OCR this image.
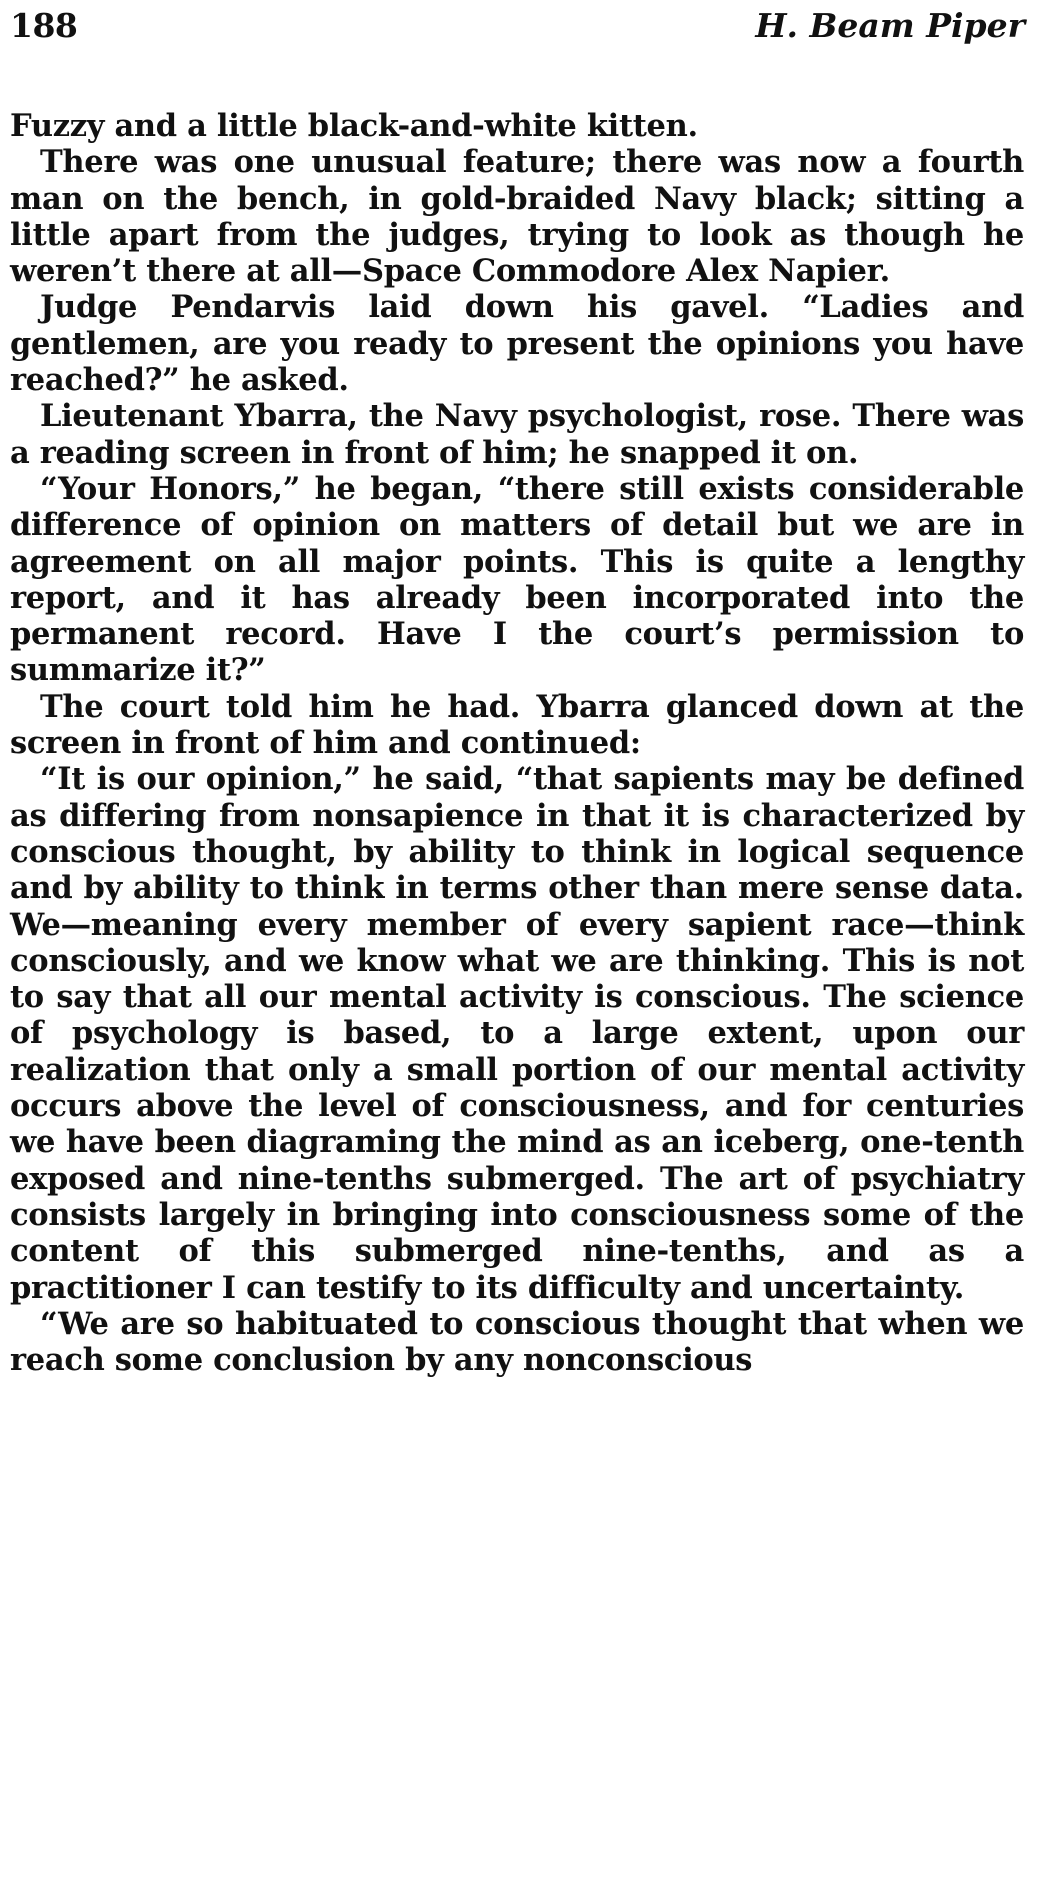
188	H. Beam Piper

Fuzzy and a little black-and-white kitten.

There was one unusual feature; there was now a fourth man on the bench, in gold-braided Navy black; sitting a little apart from the judges, trying to look as though he weren’t there at all—Space Commodore Alex Napier.

Judge Pendarvis laid down his gavel. “Ladies and gentlemen, are you ready to present the opinions you have reached?” he asked.

Lieutenant Ybarra, the Navy psychologist, rose. There was a reading screen in front of him; he snapped it on.

“Your Honors,” he began, “there still exists considerable difference of opinion on matters of detail but we are in agreement on all major points. This is quite a lengthy report, and it has already been incorporated into the permanent record. Have I the court’s permission to summarize it?”

The court told him he had. Ybarra glanced down at the screen in front of him and continued:

“It is our opinion,” he said, “that sapients may be defined as differing from nonsapience in that it is characterized by conscious thought, by ability to think in logical sequence and by ability to think in terms other than mere sense data. We—meaning every member of every sapient race—think consciously, and we know what we are thinking. This is not to say that all our mental activity is conscious. The science of psychology is based, to a large extent, upon our realization that only a small portion of our mental activity occurs above the level of consciousness, and for centuries we have been diagraming the mind as an iceberg, one-tenth exposed and nine-tenths submerged. The art of psychiatry consists largely in bringing into consciousness some of the content of this submerged nine-tenths, and as a practitioner I can testify to its difficulty and uncertainty.

“We are so habituated to conscious thought that when we reach some conclusion by any nonconscious
